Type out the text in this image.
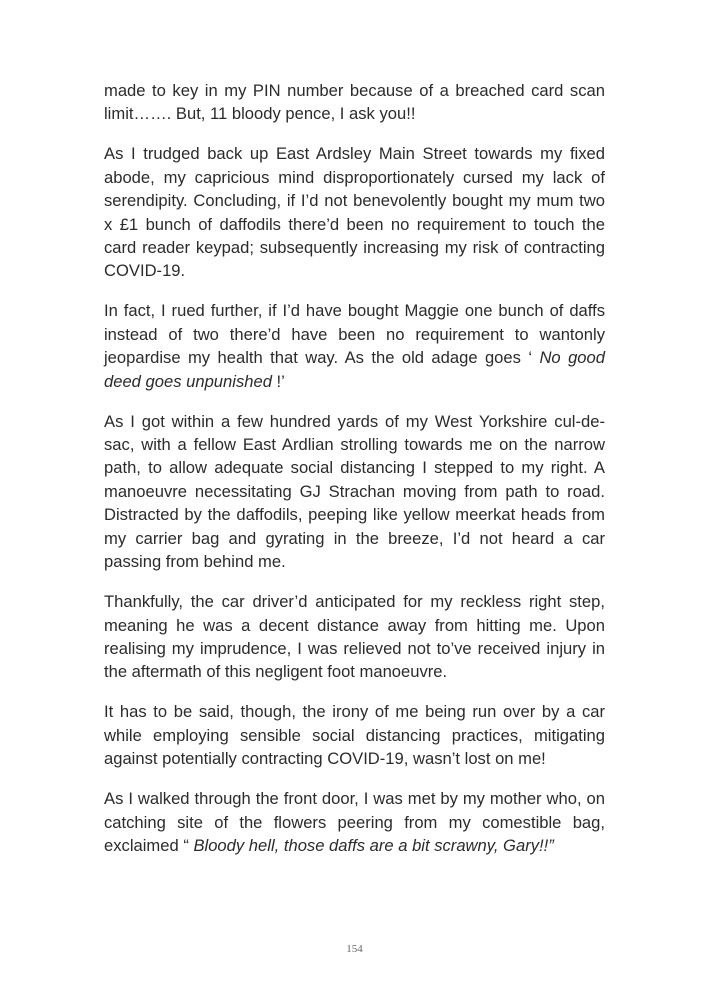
made to key in my PIN number because of a breached card scan limit……. But, 11 bloody pence, I ask you!!

As I trudged back up East Ardsley Main Street towards my fixed abode, my capricious mind disproportionately cursed my lack of serendipity. Concluding, if I’d not benevolently bought my mum two x £1 bunch of daffodils there’d been no requirement to touch the card reader keypad; subsequently increasing my risk of contracting COVID-19.

In fact, I rued further, if I’d have bought Maggie one bunch of daffs instead of two there’d have been no requirement to wantonly jeopardise my health that way. As the old adage goes ‘ No good deed goes unpunished !’

As I got within a few hundred yards of my West Yorkshire cul-de-sac, with a fellow East Ardlian strolling towards me on the narrow path, to allow adequate social distancing I stepped to my right. A manoeuvre necessitating GJ Strachan moving from path to road. Distracted by the daffodils, peeping like yellow meerkat heads from my carrier bag and gyrating in the breeze, I’d not heard a car passing from behind me.

Thankfully, the car driver’d anticipated for my reckless right step, meaning he was a decent distance away from hitting me. Upon realising my imprudence, I was relieved not to’ve received injury in the aftermath of this negligent foot manoeuvre.

It has to be said, though, the irony of me being run over by a car while employing sensible social distancing practices, mitigating against potentially contracting COVID-19, wasn’t lost on me!

As I walked through the front door, I was met by my mother who, on catching site of the flowers peering from my comestible bag, exclaimed “ Bloody hell, those daffs are a bit scrawny, Gary!!”

154
